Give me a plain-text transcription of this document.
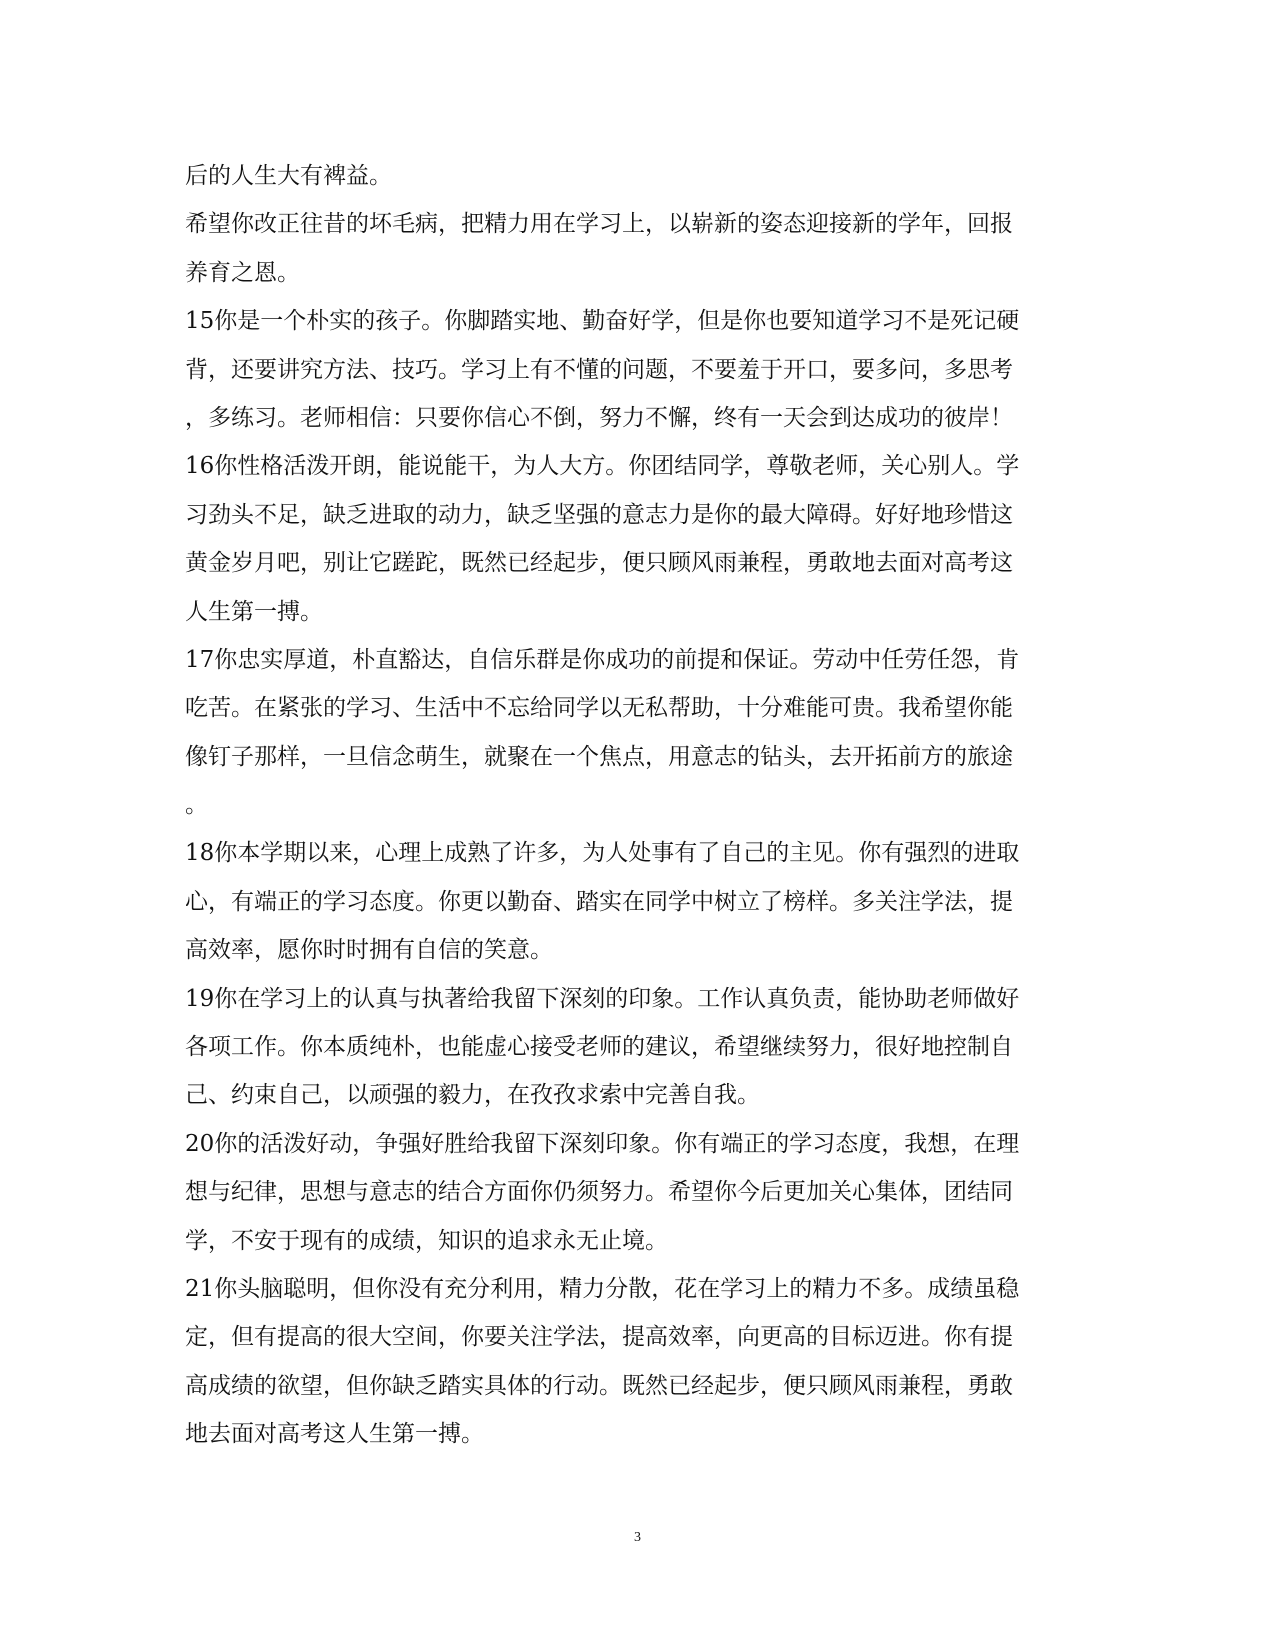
后的人生大有裨益。
希望你改正往昔的坏毛病，把精力用在学习上，以崭新的姿态迎接新的学年，回报
养育之恩。
15你是一个朴实的孩子。你脚踏实地、勤奋好学，但是你也要知道学习不是死记硬
背，还要讲究方法、技巧。学习上有不懂的问题，不要羞于开口，要多问，多思考
，多练习。老师相信：只要你信心不倒，努力不懈，终有一天会到达成功的彼岸！
16你性格活泼开朗，能说能干，为人大方。你团结同学，尊敬老师，关心别人。学
习劲头不足，缺乏进取的动力，缺乏坚强的意志力是你的最大障碍。好好地珍惜这
黄金岁月吧，别让它蹉跎，既然已经起步，便只顾风雨兼程，勇敢地去面对高考这
人生第一搏。
17你忠实厚道，朴直豁达，自信乐群是你成功的前提和保证。劳动中任劳任怨，肯
吃苦。在紧张的学习、生活中不忘给同学以无私帮助，十分难能可贵。我希望你能
像钉子那样，一旦信念萌生，就聚在一个焦点，用意志的钻头，去开拓前方的旅途
。
18你本学期以来，心理上成熟了许多，为人处事有了自己的主见。你有强烈的进取
心，有端正的学习态度。你更以勤奋、踏实在同学中树立了榜样。多关注学法，提
高效率，愿你时时拥有自信的笑意。
19你在学习上的认真与执著给我留下深刻的印象。工作认真负责，能协助老师做好
各项工作。你本质纯朴，也能虚心接受老师的建议，希望继续努力，很好地控制自
己、约束自己，以顽强的毅力，在孜孜求索中完善自我。
20你的活泼好动，争强好胜给我留下深刻印象。你有端正的学习态度，我想，在理
想与纪律，思想与意志的结合方面你仍须努力。希望你今后更加关心集体，团结同
学，不安于现有的成绩，知识的追求永无止境。
21你头脑聪明，但你没有充分利用，精力分散，花在学习上的精力不多。成绩虽稳
定，但有提高的很大空间，你要关注学法，提高效率，向更高的目标迈进。你有提
高成绩的欲望，但你缺乏踏实具体的行动。既然已经起步，便只顾风雨兼程，勇敢
地去面对高考这人生第一搏。
3
